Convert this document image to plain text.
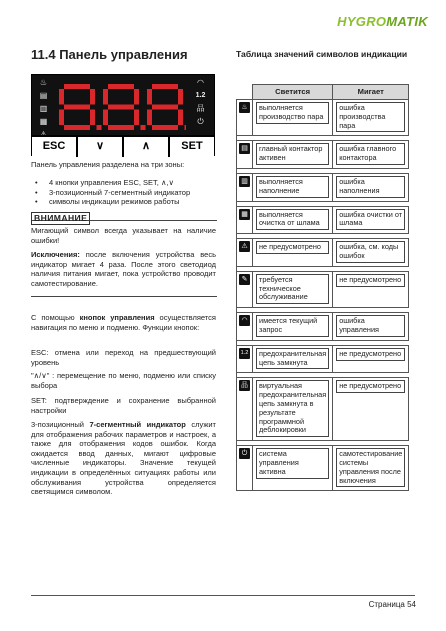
HYGROMATIK
11.4 Панель управления	Таблица значений символов индикации
♨
▤
▥
▦
◠
1.2
品
⏻
ESC	∨	∧	SET
Панель управления разделена на три зоны:
• 4 кнопки управления ESC, SET, ∧,∨
• 3-позиционный 7-сегментный индикатор
• символы индикации режимов работы
ВНИМАНИЕ
Мигающий символ всегда указывает на наличие ошибки!
Исключения: после включения устройства весь индикатор мигает 4 раза. После этого светодиод наличия питания мигает, пока устройство проводит самотестирование.
С помощью кнопок управления осуществляется навигация по меню и подменю. Функции кнопок:
ESC: отмена или переход на предшествующий уровень
"∧/∨" : перемещение по меню, подменю или списку выбора
SET: подтверждение и сохранение выбранной настройки
3-позиционный 7-сегментный индикатор служит для отображения рабочих параметров и настроек, а также для отображения кодов ошибок. Когда ожидается ввод данных, мигают цифровые численные индикаторы. Значение текущей индикации в определённых ситуациях работы или обслуживания устройства определяется светящимся символом.
	Светится	Мигает
♨	выполняется производство пара	ошибка производства пара

▤	главный контактор активен	ошибка главного контактора

▥	выполняется наполнение	ошибка наполнения

▦	выполняется очистка от шлама	ошибка очистки от шлама

⚠	не предусмотрено	ошибка, см. коды ошибок

✎	требуется техническое обслуживание	не предусмотрено

◠	имеется текущий запрос	ошибка управления

1.2	предохранительная цепь замкнута	не предусмотрено

品	виртуальная предохранительная цепь замкнута в результате программной деблокировки	не предусмотрено

⏻	система управления активна	самотестирование системы управления после включения
Страница 54
